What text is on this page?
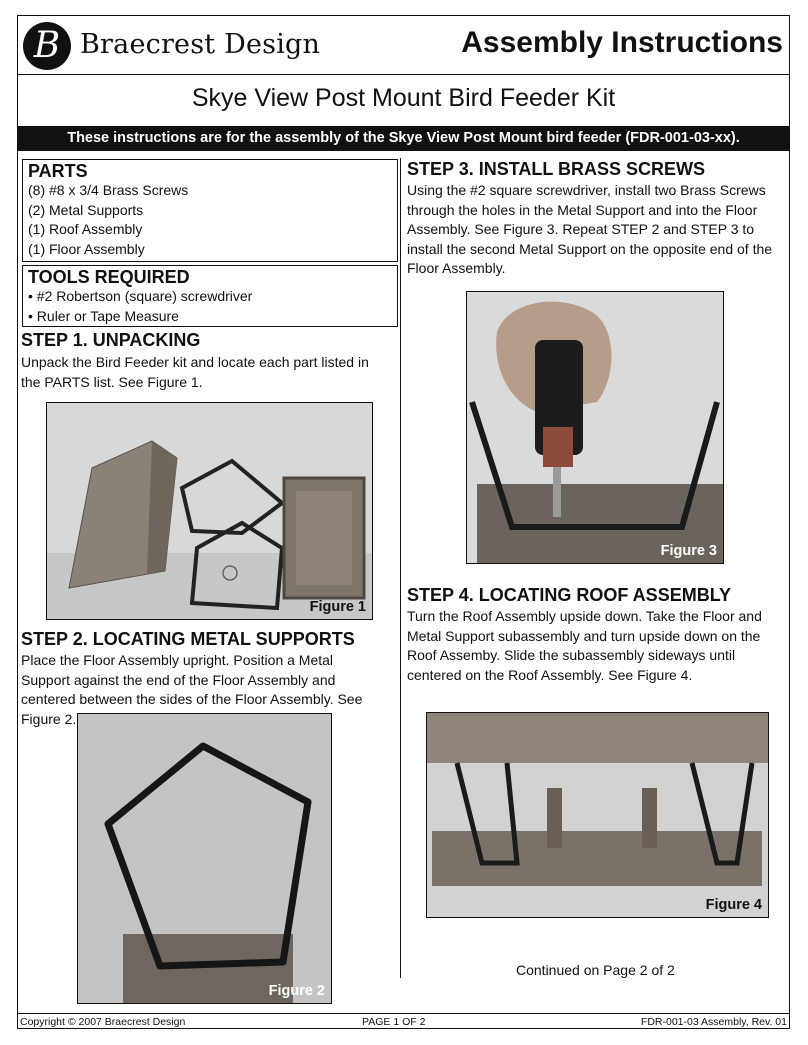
B Braecrest Design	Assembly Instructions
Skye View Post Mount Bird Feeder Kit
These instructions are for the assembly of the Skye View Post Mount bird feeder (FDR-001-03-xx).
PARTS
(8) #8 x 3/4 Brass Screws
(2) Metal Supports
(1) Roof Assembly
(1) Floor Assembly
TOOLS REQUIRED
• #2 Robertson (square) screwdriver
• Ruler or Tape Measure
STEP 1. UNPACKING
Unpack the Bird Feeder kit and locate each part listed in the PARTS list. See Figure 1.
Figure 1
STEP 2. LOCATING METAL SUPPORTS
Place the Floor Assembly upright. Position a Metal Support against the end of the Floor Assembly and centered between the sides of the Floor Assembly. See Figure 2.
Figure 2
STEP 3. INSTALL BRASS SCREWS
Using the #2 square screwdriver, install two Brass Screws through the holes in the Metal Support and into the Floor Assembly. See Figure 3. Repeat STEP 2 and STEP 3 to install the second Metal Support on the opposite end of the Floor Assembly.
Figure 3
STEP 4. LOCATING ROOF ASSEMBLY
Turn the Roof Assembly upside down. Take the Floor and Metal Support subassembly and turn upside down on the Roof Assemby. Slide the subassembly sideways until centered on the Roof Assembly. See Figure 4.
Figure 4
Continued on Page 2 of 2
Copyright © 2007 Braecrest Design	PAGE 1 OF 2	FDR-001-03 Assembly, Rev. 01
